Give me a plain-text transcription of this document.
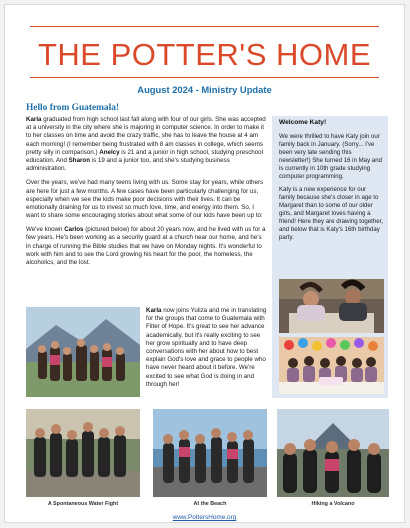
THE POTTER'S HOME
August 2024 - Ministry Update
Hello from Guatemala!

Karla graduated from high school last fall along with four of our girls. She was accepted at a university in the city where she is majoring in computer science. In order to make it to her classes on time and avoid the crazy traffic, she has to leave the house at 4 am each morning! (I remember being frustrated with 8 am classes in college, which seems pretty silly in comparison.) Anelcy is 21 and a junior in high school, studying preschool education. And Sharon is 19 and a junior too, and she's studying business administration.

Over the years, we've had many teens living with us. Some stay for years, while others are here for just a few months. A few cases have been particularly challenging for us, especially when we see the kids make poor decisions with their lives. It can be emotionally draining for us to invest so much love, time, and energy into them. So, I want to share some encouraging stories about what some of our kids have been up to:

We've known Carlos (pictured below) for about 20 years now, and he lived with us for a few years. He's been working as a security guard at a church near our home, and he's in charge of running the Bible studies that we have on Monday nights. It's wonderful to work with him and to see the Lord growing his heart for the poor, the homeless, the alcoholics, and the lost.

Karla now joins Yuliza and me in translating for the groups that come to Guatemala with Filter of Hope. It's great to see her advance academically, but it's really exciting to see her grow spiritually and to have deep conversations with her about how to best explain God's love and grace to people who have never heard about it before. We're excited to see what God is doing in and through her!

Welcome Katy!

We were thrilled to have Katy join our family back in January. (Sorry... I've been very late sending this newsletter!) She turned 16 in May and is currently in 10th grade studying computer programming.

Katy is a new experience for our family because she's closer in age to Margaret than to some of our older girls, and Margaret loves having a friend! Here they are drawing together, and below that is Katy's 16th birthday party.

A Spontaneous Water Fight	At the Beach	Hiking a Volcano
www.PottersHome.org
